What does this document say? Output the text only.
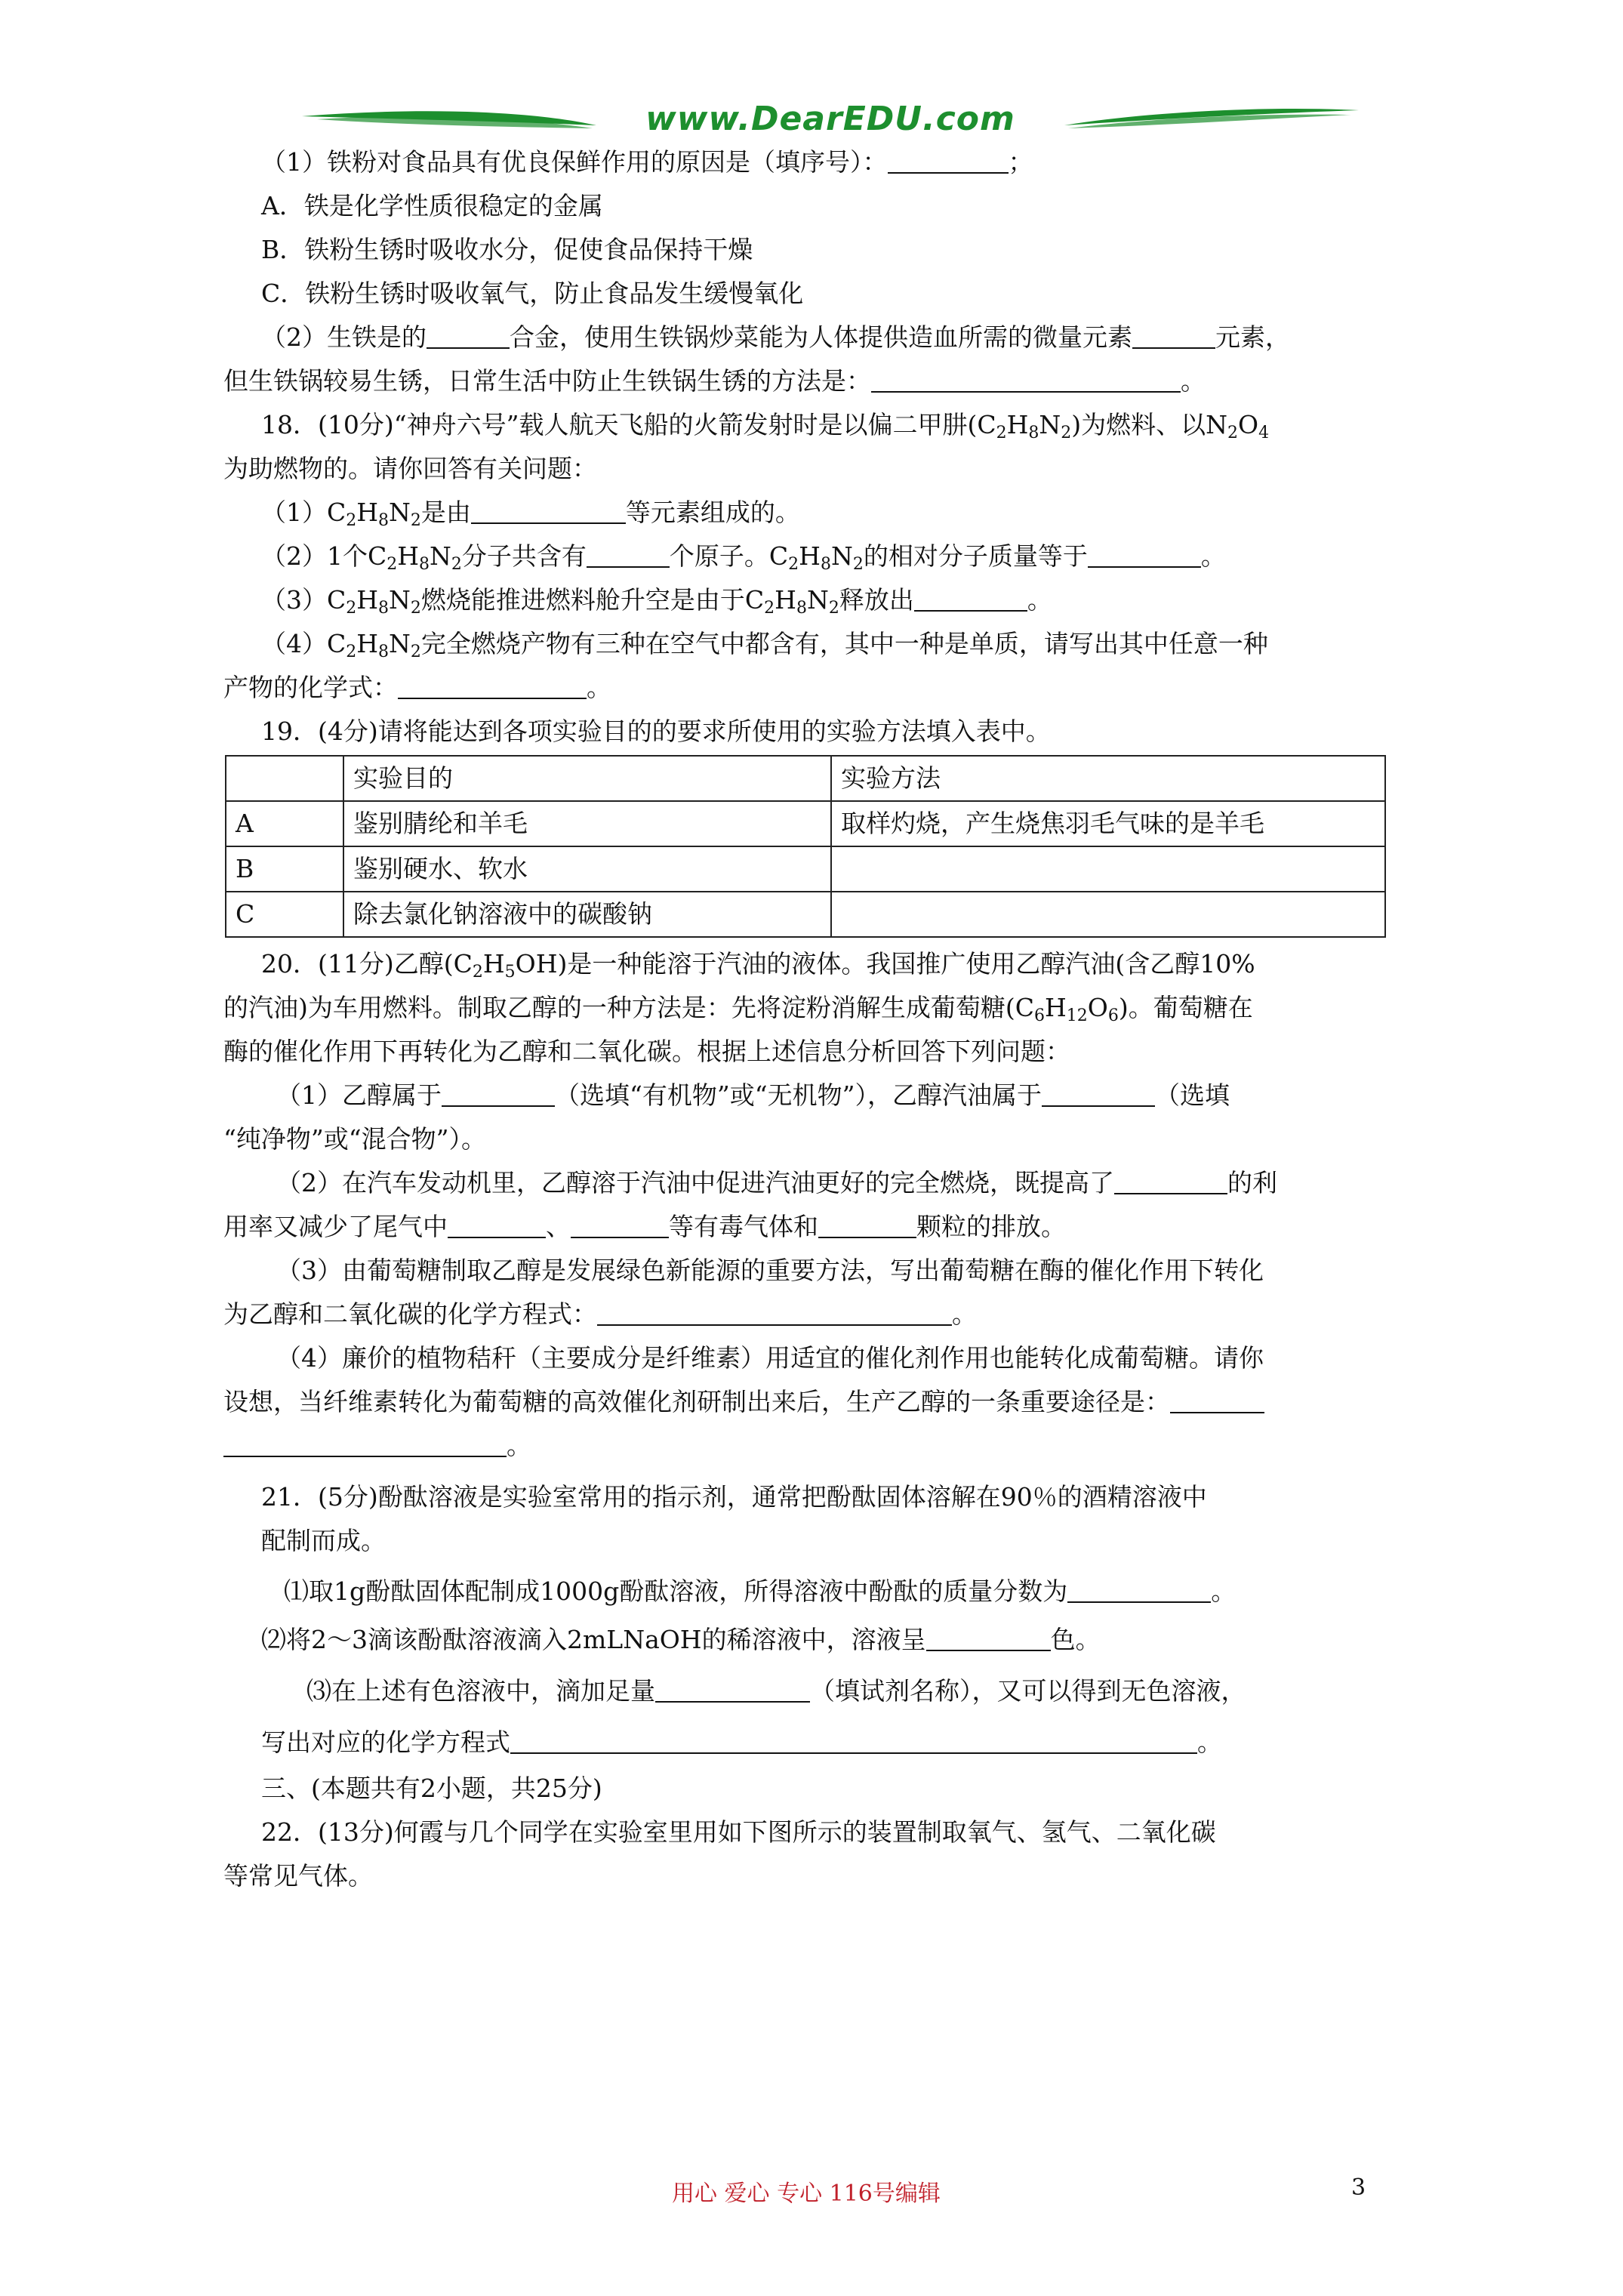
www.DearEDU.com
（1）铁粉对食品具有优良保鲜作用的原因是（填序号）：	；
A．铁是化学性质很稳定的金属
B．铁粉生锈时吸收水分，促使食品保持干燥
C．铁粉生锈时吸收氧气，防止食品发生缓慢氧化
（2）生铁是的	合金，使用生铁锅炒菜能为人体提供造血所需的微量元素	元素，
但生铁锅较易生锈，日常生活中防止生铁锅生锈的方法是：	。
18．(10分)“神舟六号”载人航天飞船的火箭发射时是以偏二甲肼$(C_2H_8N_2)$为燃料、以$N_2O_4$
为助燃物的。请你回答有关问题：
$(1)C_2H_8N_2$是由	等元素组成的。
（2）1个$C_2H_8N_2$分子共含有	个原子。$C_2H_8N_2$的相对分子质量等于	。
$(3)C_2H_8N_2$燃烧能推进燃料舱升空是由于$C_2H_8N_2$释放出	。
$(4)C_2H_8N_2$完全燃烧产物有三种在空气中都含有，其中一种是单质，请写出其中任意一种
产物的化学式：	。
19．(4分)请将能达到各项实验目的的要求所使用的实验方法填入表中。
	实验目的	实验方法
A	鉴别腈纶和羊毛	取样灼烧，产生烧焦羽毛气味的是羊毛
B	鉴别硬水、软水	
C	除去氯化钠溶液中的碳酸钠	
20．(11分)乙醇$(C_2H_5OH)$是一种能溶于汽油的液体。我国推广使用乙醇汽油(含乙醇10%
的汽油)为车用燃料。制取乙醇的一种方法是：先将淀粉消解生成葡萄糖$(C_6H_{12}O_6)$。葡萄糖在
酶的催化作用下再转化为乙醇和二氧化碳。根据上述信息分析回答下列问题：
（1）乙醇属于	（选填“有机物”或“无机物”），乙醇汽油属于	（选填
“纯净物”或“混合物”）。
（2）在汽车发动机里，乙醇溶于汽油中促进汽油更好的完全燃烧，既提高了	的利
用率又减少了尾气中	、	等有毒气体和	颗粒的排放。
（3）由葡萄糖制取乙醇是发展绿色新能源的重要方法，写出葡萄糖在酶的催化作用下转化
为乙醇和二氧化碳的化学方程式：	。
（4）廉价的植物秸秆（主要成分是纤维素）用适宜的催化剂作用也能转化成葡萄糖。请你
设想，当纤维素转化为葡萄糖的高效催化剂研制出来后，生产乙醇的一条重要途径是：
。
21．(5分)酚酞溶液是实验室常用的指示剂，通常把酚酞固体溶解在90％的酒精溶液中
配制而成。
⑴取1g酚酞固体配制成1000g酚酞溶液，所得溶液中酚酞的质量分数为	。
⑵将2～3滴该酚酞溶液滴入2mLNaOH的稀溶液中，溶液呈	色。
⑶在上述有色溶液中，滴加足量	（填试剂名称），又可以得到无色溶液，
写出对应的化学方程式	。
三、(本题共有2小题，共25分)
22．(13分)何霞与几个同学在实验室里用如下图所示的装置制取氧气、氢气、二氧化碳
等常见气体。
用心 爱心 专心 116号编辑	3
